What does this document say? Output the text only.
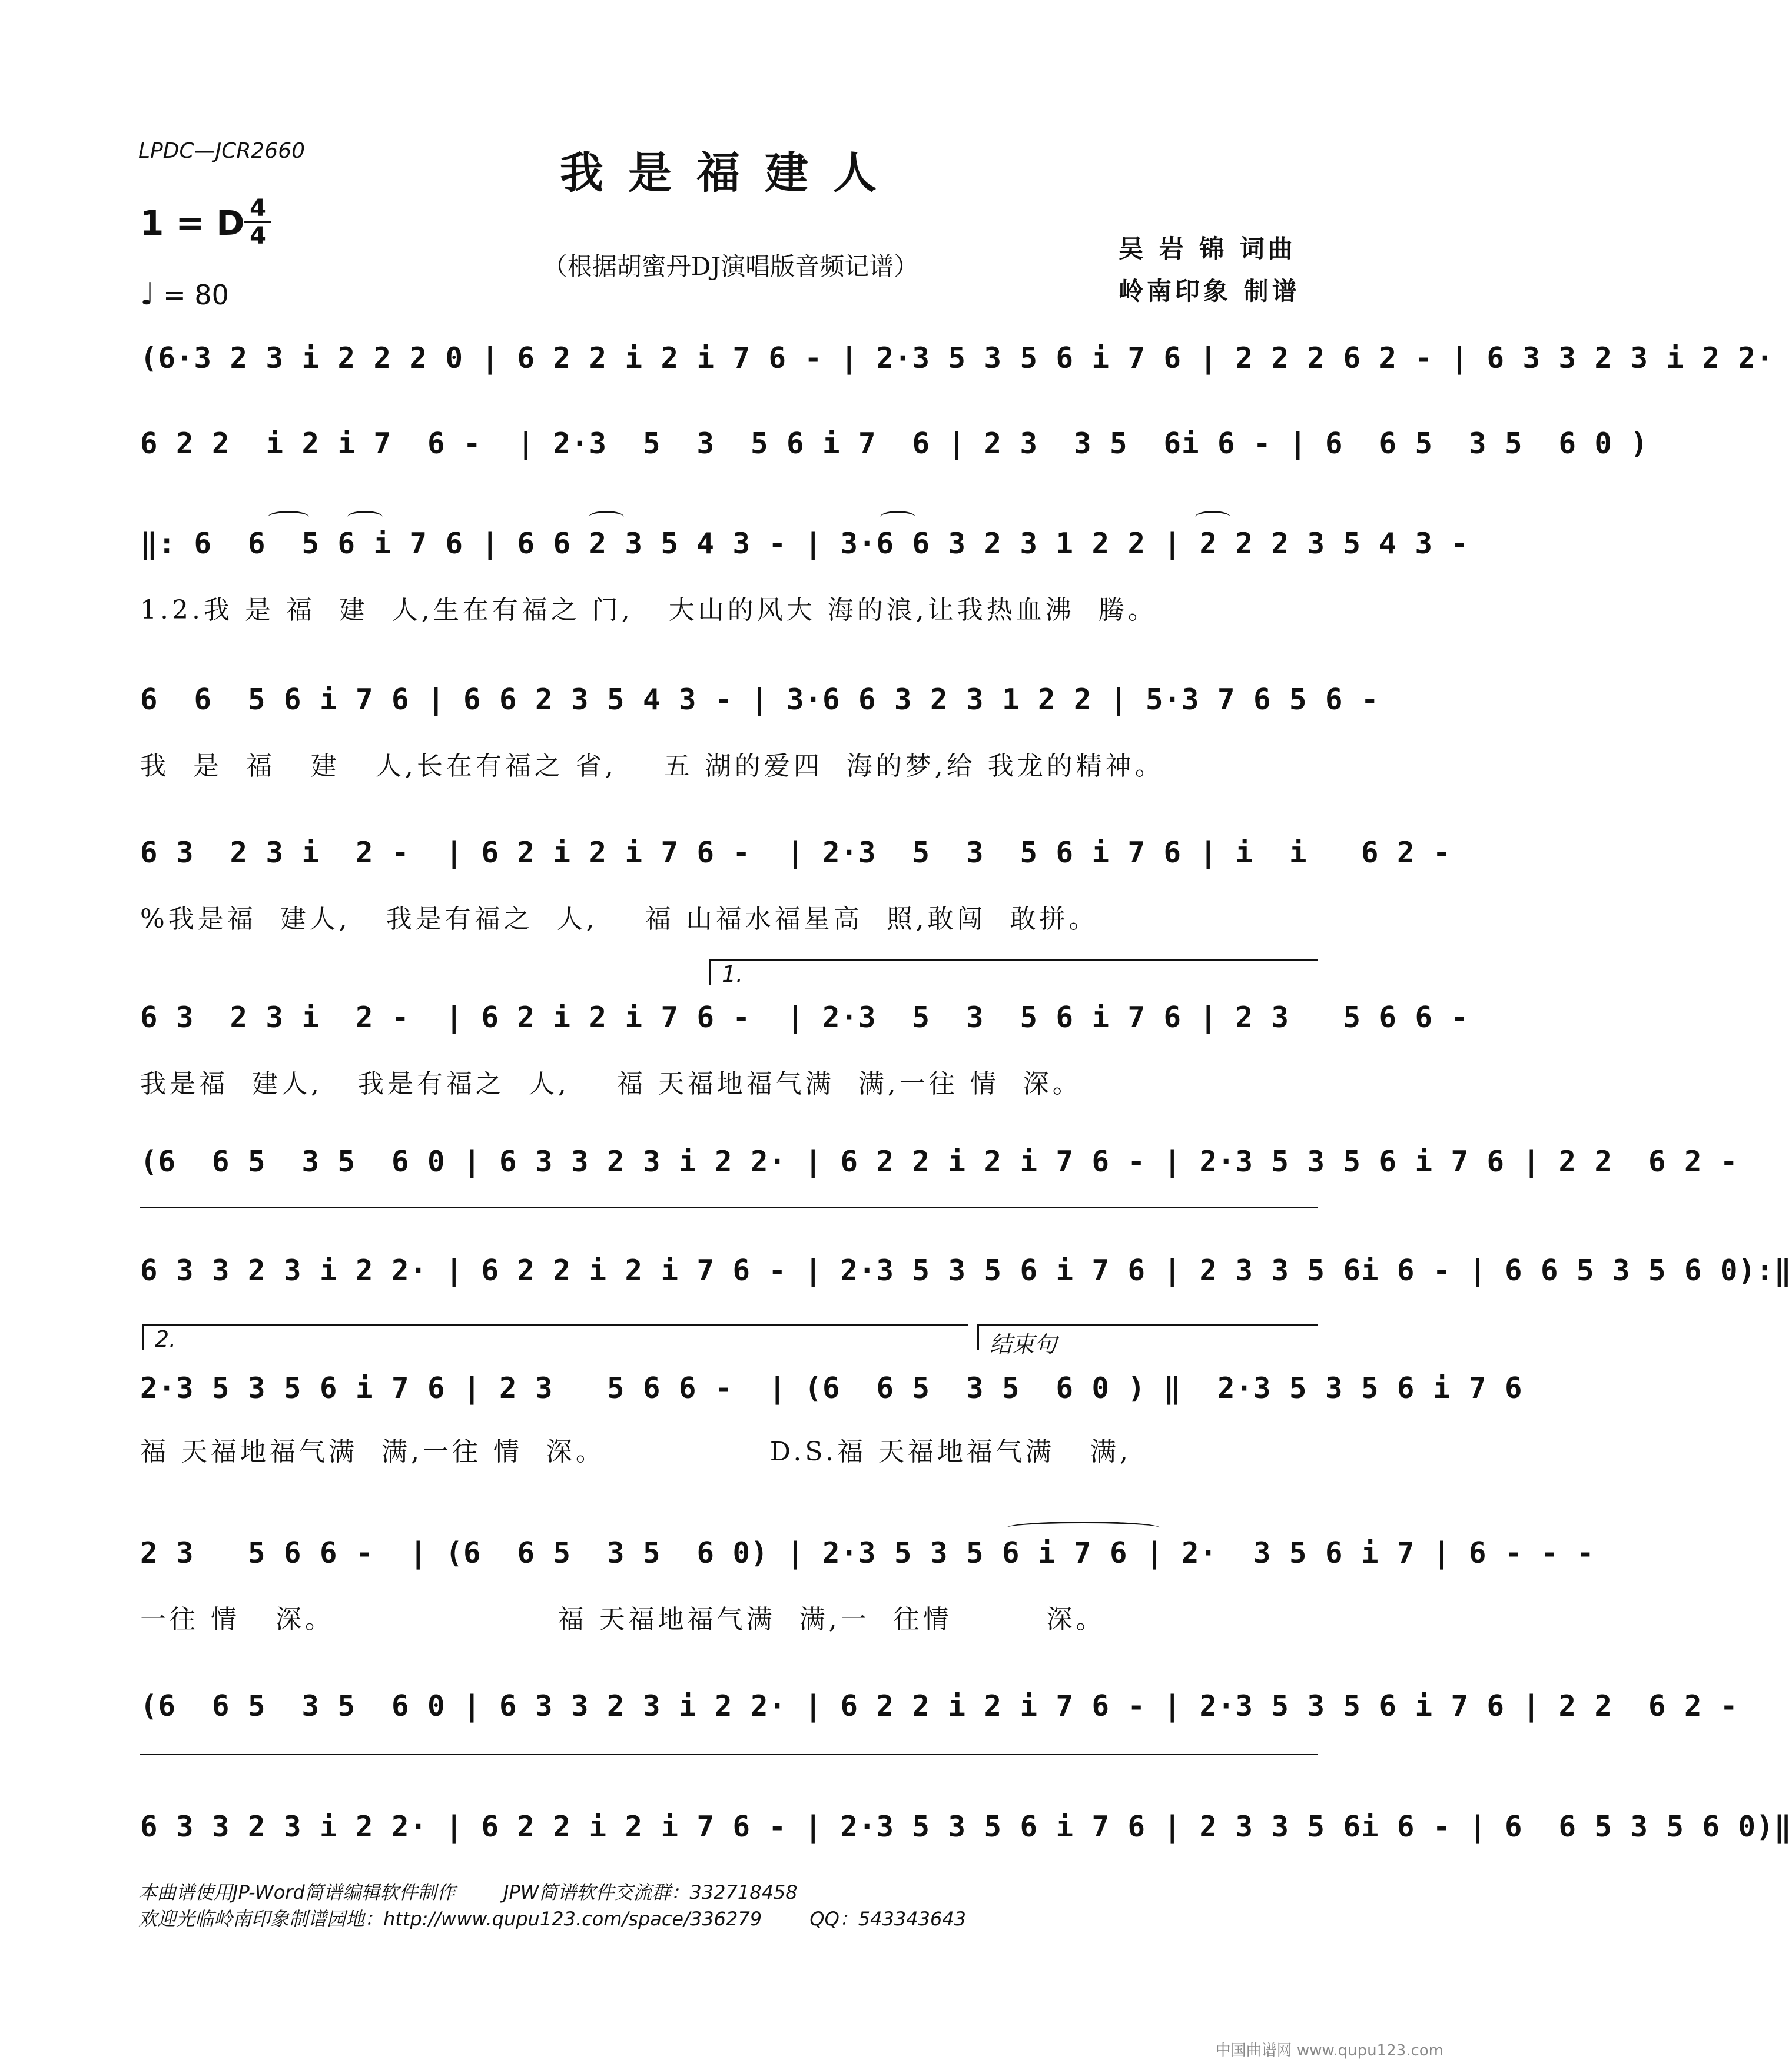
LPDC—JCR2660	我是福建人
1 = D 4
4
♩ = 80
（根据胡蜜丹DJ演唱版音频记谱）
吴 岩 锦 词曲
岭南印象 制谱
(6·3 2 3 i 2 2 2 0 | 6 2 2 i 2 i 7 6 - | 2·3 5 3 5 6 i 7 6 | 2 2 2 6 2 - | 6 3 3 2 3 i 2 2·
6 2 2  i 2 i 7  6 -  | 2·3  5  3  5 6 i 7  6 | 2 3  3 5  6i 6 - | 6  6 5  3 5  6 0 )
‖: 6  6  5 6 i 7 6 | 6 6 2 3 5 4 3 - | 3·6 6 3 2 3 1 2 2 | 2 2 2 3 5 4 3 -
1.2.我 是 福  建  人,生在有福之 门,   大山的风大 海的浪,让我热血沸  腾。
6  6  5 6 i 7 6 | 6 6 2 3 5 4 3 - | 3·6 6 3 2 3 1 2 2 | 5·3 7 6 5 6 -
我  是  福   建   人,长在有福之 省,    五 湖的爱四  海的梦,给 我龙的精神。
6 3  2 3 i  2 -  | 6 2 i 2 i 7 6 -  | 2·3  5  3  5 6 i 7 6 | i  i   6 2 -
%我是福  建人,   我是有福之  人,    福 山福水福星高  照,敢闯  敢拼。
1.
6 3  2 3 i  2 -  | 6 2 i 2 i 7 6 -  | 2·3  5  3  5 6 i 7 6 | 2 3   5 6 6 -
我是福  建人,   我是有福之  人,    福 天福地福气满  满,一往 情  深。
(6  6 5  3 5  6 0 | 6 3 3 2 3 i 2 2· | 6 2 2 i 2 i 7 6 - | 2·3 5 3 5 6 i 7 6 | 2 2  6 2 -
6 3 3 2 3 i 2 2· | 6 2 2 i 2 i 7 6 - | 2·3 5 3 5 6 i 7 6 | 2 3 3 5 6i 6 - | 6 6 5 3 5 6 0):‖
2.	结束句
2·3 5 3 5 6 i 7 6 | 2 3   5 6 6 -  | (6  6 5  3 5  6 0 ) ‖  2·3 5 3 5 6 i 7 6
福 天福地福气满  满,一往 情  深。              D.S.福 天福地福气满   满,
2 3   5 6 6 -  | (6  6 5  3 5  6 0) | 2·3 5 3 5 6 i 7 6 | 2·  3 5 6 i 7 | 6 - - -
一往 情   深。                   福 天福地福气满  满,一  往情        深。
(6  6 5  3 5  6 0 | 6 3 3 2 3 i 2 2· | 6 2 2 i 2 i 7 6 - | 2·3 5 3 5 6 i 7 6 | 2 2  6 2 -
6 3 3 2 3 i 2 2· | 6 2 2 i 2 i 7 6 - | 2·3 5 3 5 6 i 7 6 | 2 3 3 5 6i 6 - | 6  6 5 3 5 6 0)‖
本曲谱使用JP-Word简谱编辑软件制作        JPW简谱软件交流群：332718458
欢迎光临岭南印象制谱园地：http://www.qupu123.com/space/336279        QQ：543343643
中国曲谱网 www.qupu123.com
